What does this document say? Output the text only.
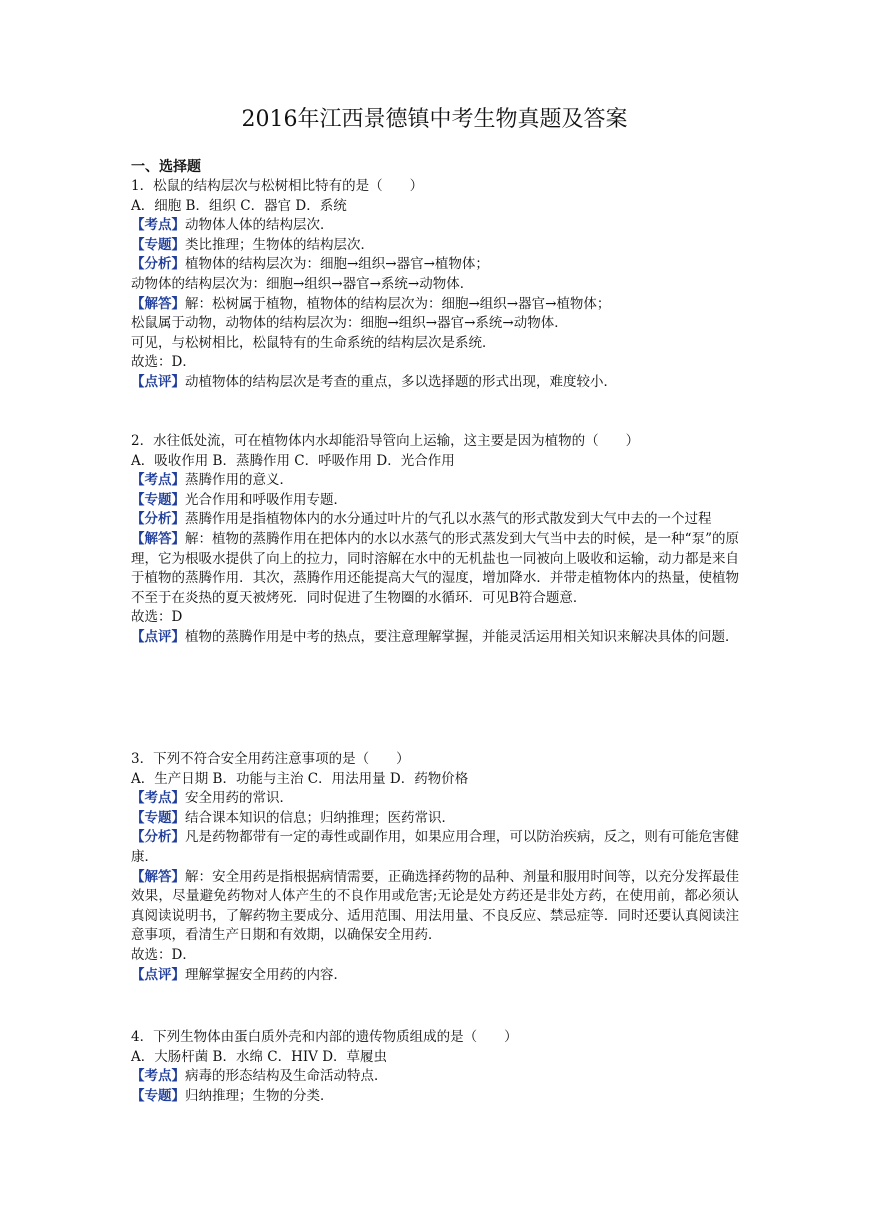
2016年江西景德镇中考生物真题及答案
一、选择题
1．松鼠的结构层次与松树相比特有的是（　　）
A．细胞 B．组织 C．器官 D．系统
【考点】动物体人体的结构层次．
【专题】类比推理；生物体的结构层次．
【分析】植物体的结构层次为：细胞→组织→器官→植物体；
动物体的结构层次为：细胞→组织→器官→系统→动物体．
【解答】解：松树属于植物，植物体的结构层次为：细胞→组织→器官→植物体；
松鼠属于动物，动物体的结构层次为：细胞→组织→器官→系统→动物体．
可见，与松树相比，松鼠特有的生命系统的结构层次是系统．
故选：D．
【点评】动植物体的结构层次是考查的重点，多以选择题的形式出现，难度较小．
2．水往低处流，可在植物体内水却能沿导管向上运输，这主要是因为植物的（　　）
A．吸收作用 B．蒸腾作用 C．呼吸作用 D．光合作用
【考点】蒸腾作用的意义．
【专题】光合作用和呼吸作用专题．
【分析】蒸腾作用是指植物体内的水分通过叶片的气孔以水蒸气的形式散发到大气中去的一个过程
【解答】解：植物的蒸腾作用在把体内的水以水蒸气的形式蒸发到大气当中去的时候，是一种“泵”的原理，它为根吸水提供了向上的拉力，同时溶解在水中的无机盐也一同被向上吸收和运输，动力都是来自于植物的蒸腾作用．其次，蒸腾作用还能提高大气的湿度，增加降水．并带走植物体内的热量，使植物不至于在炎热的夏天被烤死．同时促进了生物圈的水循环．可见B符合题意．
故选：D
【点评】植物的蒸腾作用是中考的热点，要注意理解掌握，并能灵活运用相关知识来解决具体的问题．
3．下列不符合安全用药注意事项的是（　　）
A．生产日期 B．功能与主治 C．用法用量 D．药物价格
【考点】安全用药的常识．
【专题】结合课本知识的信息；归纳推理；医药常识．
【分析】凡是药物都带有一定的毒性或副作用，如果应用合理，可以防治疾病，反之，则有可能危害健康．
【解答】解：安全用药是指根据病情需要，正确选择药物的品种、剂量和服用时间等，以充分发挥最佳效果，尽量避免药物对人体产生的不良作用或危害;无论是处方药还是非处方药，在使用前，都必须认真阅读说明书，了解药物主要成分、适用范围、用法用量、不良反应、禁忌症等．同时还要认真阅读注意事项，看清生产日期和有效期，以确保安全用药．
故选：D．
【点评】理解掌握安全用药的内容．
4．下列生物体由蛋白质外壳和内部的遗传物质组成的是（　　）
A．大肠杆菌 B．水绵 C．HIV D．草履虫
【考点】病毒的形态结构及生命活动特点．
【专题】归纳推理；生物的分类．
